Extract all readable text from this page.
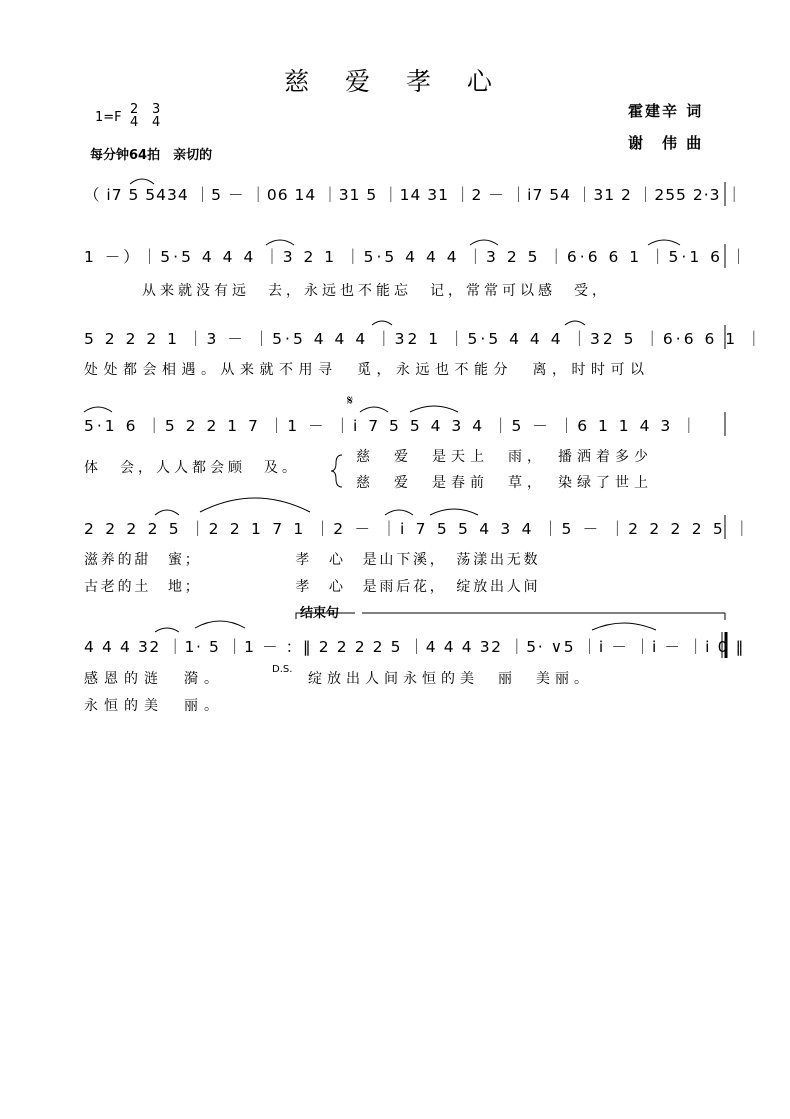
慈 爱 孝 心
1=F
2
4
3
4
每分钟64拍　亲切的
霍建辛 词
谢　伟 曲
（ i7 5 5434 ｜5 － ｜06 14 ｜31 5 ｜14 31 ｜2 － ｜i7 54 ｜31 2 ｜255 2·3 ｜
1 －）｜5·5 4 4 4 ｜3 2 1 ｜5·5 4 4 4 ｜3 2 5 ｜6·6 6 1 ｜5·1 6 ｜
从来就没有远　去，永远也不能忘　记，常常可以感　受，
5 2 2 2 1 ｜3 － ｜5·5 4 4 4 ｜32 1 ｜5·5 4 4 4 ｜32 5 ｜6·6 6 1 ｜
处处都会相遇。从来就不用寻　觅，永远也不能分　离，时时可以
5·1 6 ｜5 2 2 1 7 ｜1 － ｜i 7 5 5 4 3 4 ｜5 － ｜6 1 1 4 3 ｜
体　会，人人都会顾　及。
慈　爱　是天上　雨，　播洒着多少
慈　爱　是春前　草，　染绿了世上
2 2 2 2 5 ｜2 2 1 7 1 ｜2 － ｜i 7 5 5 4 3 4 ｜5 － ｜2 2 2 2 5 ｜
滋养的甜　蜜；　　　　　　孝　心　是山下溪，　荡漾出无数
古老的土　地；　　　　　　孝　心　是雨后花，　绽放出人间
结束句
4 4 4 32 ｜1· 5 ｜1 － ：‖ 2 2 2 2 5 ｜4 4 4 32 ｜5· ∨5 ｜i － ｜i － ｜i 0 ‖
感恩的涟　漪。
D.S.
绽放出人间永恒的美　丽　美丽。
永恒的美　丽。
𝄋
